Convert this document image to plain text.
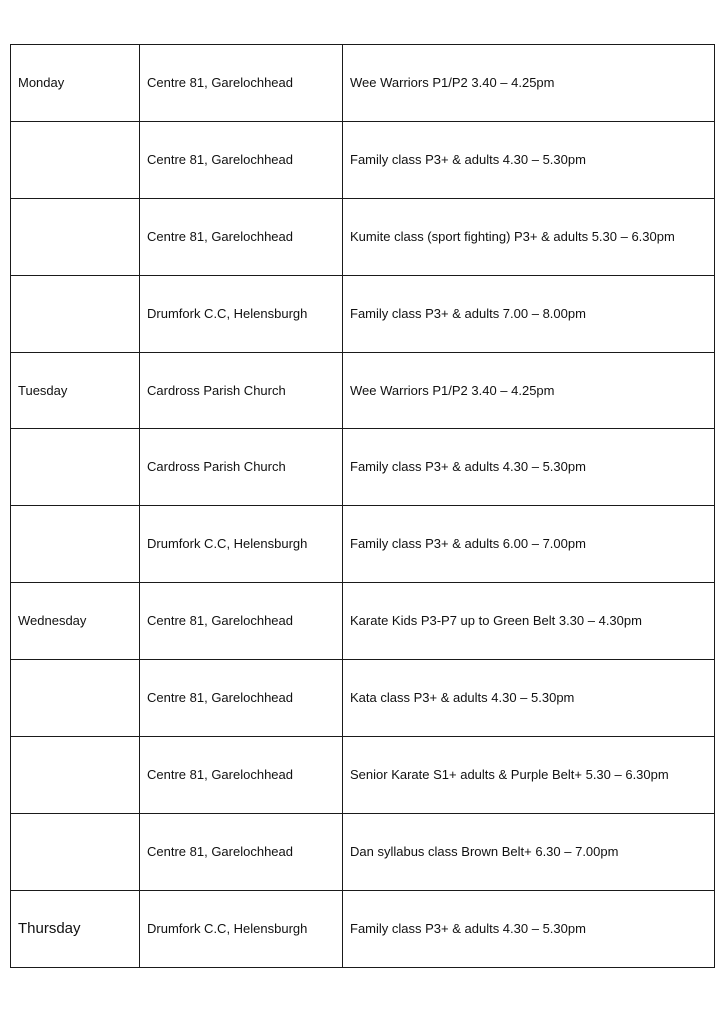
Monday	Centre 81, Garelochhead	Wee Warriors P1/P2 3.40 – 4.25pm
	Centre 81, Garelochhead	Family class P3+ & adults 4.30 – 5.30pm
	Centre 81, Garelochhead	Kumite class (sport fighting) P3+ & adults 5.30 – 6.30pm
	Drumfork C.C, Helensburgh	Family class P3+ & adults 7.00 – 8.00pm
Tuesday	Cardross Parish Church	Wee Warriors P1/P2 3.40 – 4.25pm
	Cardross Parish Church	Family class P3+ & adults 4.30 – 5.30pm
	Drumfork C.C, Helensburgh	Family class P3+ & adults 6.00 – 7.00pm
Wednesday	Centre 81, Garelochhead	Karate Kids P3-P7 up to Green Belt 3.30 – 4.30pm
	Centre 81, Garelochhead	Kata class P3+ & adults 4.30 – 5.30pm
	Centre 81, Garelochhead	Senior Karate S1+ adults & Purple Belt+ 5.30 – 6.30pm
	Centre 81, Garelochhead	Dan syllabus class Brown Belt+ 6.30 – 7.00pm
Thursday	Drumfork C.C, Helensburgh	Family class P3+ & adults 4.30 – 5.30pm
